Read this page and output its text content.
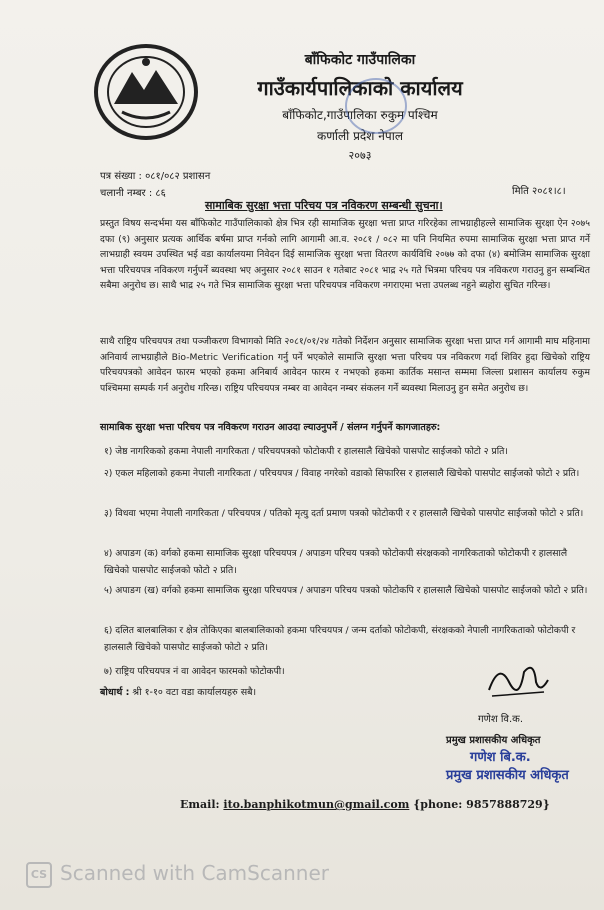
बाँफिकोट गाउँपालिका
गाउँकार्यपालिकाको कार्यालय
बाँफिकोट,गाउँपालिका रुकुम पश्चिम
कर्णाली प्रदेश नेपाल
२०७३
पत्र संख्या : ०८१/०८२ प्रशासन
चलानी नम्बर : ८६	मिति २०८१।८।
सामाबिक सुरक्षा भत्ता परिचय पत्र नविकरण सम्बन्धी सुचना।
प्रस्तुत विषय सन्दर्भमा यस बाँफिकोट गाउँपालिकाको क्षेत्र भित्र रही सामाजिक सुरक्षा भत्ता प्राप्त गरिरहेका लाभग्राहीहल्ले सामाजिक सुरक्षा ऐन २०७५ दफा (९) अनुसार प्रत्यक आर्थिक बर्षमा प्राप्त गर्नको लागि आगामी आ.व. २०८१ / ०८२ मा पनि नियमित रुपमा सामाजिक सुरक्षा भत्ता प्राप्त गर्ने लाभग्राही स्वयम उपस्थित भई वडा कार्यालयमा निवेदन दिई सामाजिक सुरक्षा भत्ता वितरण कार्यविधि २०७७ को दफा (४) बमोजिम सामाजिक सुरक्षा भत्ता परिचयपत्र नविकरण गर्नुपर्ने ब्यवस्था भए अनुसार २०८१ साउन १ गतेबाट २०८१ भाद्र २५ गते भित्रमा परिचय पत्र नविकरण गराउनु हुन सम्बन्धित सबैमा अनुरोध छ। साथै भाद्र २५ गते भित्र सामाजिक सुरक्षा भत्ता परिचयपत्र नविकरण नगराएमा भत्ता उपलब्ध नहुने ब्यहोरा सुचित गरिन्छ।
साथै राष्ट्रिय परिचयपत्र तथा पञ्जीकरण विभागको मिति २०८१/०१/२४ गतेको निर्देशन अनुसार सामाजिक सुरक्षा भत्ता प्राप्त गर्न आगामी माघ महिनामा अनिवार्य लाभग्राहीले Bio-Metric Verification गर्नु पर्ने भएकोले सामाजि सुरक्षा भत्ता परिचय पत्र नविकरण गर्दा शिविर हुदा खिचेको राष्ट्रिय परिचयपत्रको आवेदन फारम भएको हकमा अनिबार्य आवेदन फारम र नभएको हकमा कार्तिक मसान्त सम्ममा जिल्ला प्रशासन कार्यालय रुकुम पश्चिममा सम्पर्क गर्न अनुरोध गरिन्छ। राष्ट्रिय परिचयपत्र नम्बर वा आवेदन नम्बर संकलन गर्ने ब्यवस्था मिलाउनु हुन समेत अनुरोध छ।
सामाबिक सुरक्षा भत्ता परिचय पत्र नविकरण गराउन आउदा ल्याउनुपर्ने / संलग्न गर्नुपर्ने कागजातहरु:
१) जेष्ठ नागरिकको हकमा नेपाली नागरिकता / परिचयपत्रको फोटोकपी र हालसालै खिचेको पासपोट साईजको फोटो २ प्रति।
२) एकल महिलाको हकमा नेपाली नागरिकता / परिचयपत्र / विवाह नगरेको वडाको सिफारिस र हालसालै खिचेको पासपोट साईजको फोटो २ प्रति।
३) विधवा भएमा नेपाली नागरिकता / परिचयपत्र / पतिको मृत्यु दर्ता प्रमाण पत्रको फोटोकपी र र हालसालै खिचेको पासपोट साईजको फोटो २ प्रति।
४) अपाङग (क) वर्गको हकमा सामाजिक सुरक्षा परिचयपत्र / अपाङग परिचय पत्रको फोटोकपी संरक्षकको नागरिकताको फोटोकपी र हालसालै खिचेको पासपोट साईजको फोटो २ प्रति।
५) अपाङग (ख) वर्गको हकमा सामाजिक सुरक्षा परिचयपत्र / अपाङग परिचय पत्रको फोटोकपि र हालसालै खिचेको पासपोट साईजको फोटो २ प्रति।
६) दलित बालबालिका र क्षेत्र तोकिएका बालबालिकाको हकमा परिचयपत्र / जन्म दर्ताको फोटोकपी, संरक्षकको नेपाली नागरिकताको फोटोकपी र हालसालै खिचेको पासपोट साईजको फोटो २ प्रति।
७) राष्ट्रिय परिचयपत्र नं वा आवेदन फारमको फोटोकपी।
बोधार्थ : श्री १-१० वटा वडा कार्यालयहरु सबै।
गणेश वि.क.
प्रमुख प्रशासकीय अधिकृत
गणेश बि.क.
प्रमुख प्रशासकीय अधिकृत
Email: ito.banphikotmun@gmail.com {phone: 9857888729}
CS Scanned with CamScanner
